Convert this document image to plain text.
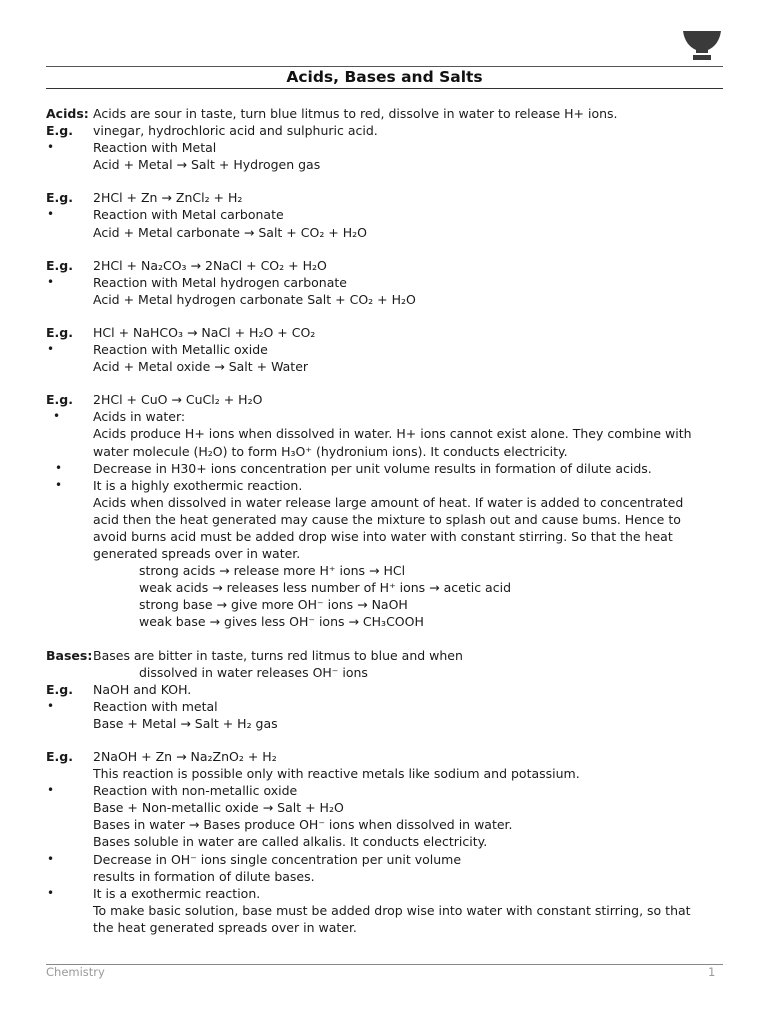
Acids, Bases and Salts
Acids: Acids are sour in taste, turn blue litmus to red, dissolve in water to release H+ ions.
E.g.	vinegar, hydrochloric acid and sulphuric acid.
•	Reaction with Metal
Acid + Metal → Salt + Hydrogen gas
E.g.	2HCl + Zn → ZnCl₂ + H₂
•	Reaction with Metal carbonate
Acid + Metal carbonate → Salt + CO₂ + H₂O
E.g.	2HCl + Na₂CO₃ → 2NaCl + CO₂ + H₂O
•	Reaction with Metal hydrogen carbonate
Acid + Metal hydrogen carbonate Salt + CO₂ + H₂O
E.g.	HCl + NaHCO₃ → NaCl + H₂O + CO₂
•	Reaction with Metallic oxide
Acid + Metal oxide → Salt + Water
E.g.	2HCl + CuO → CuCl₂ + H₂O
•	Acids in water:
Acids produce H+ ions when dissolved in water. H+ ions cannot exist alone. They combine with
water molecule (H₂O) to form H₃O⁺ (hydronium ions). It conducts electricity.
•	Decrease in H30+ ions concentration per unit volume results in formation of dilute acids.
•	It is a highly exothermic reaction.
Acids when dissolved in water release large amount of heat. If water is added to concentrated
acid then the heat generated may cause the mixture to splash out and cause bums. Hence to
avoid burns acid must be added drop wise into water with constant stirring. So that the heat
generated spreads over in water.
strong acids → release more H⁺ ions → HCl
weak acids → releases less number of H⁺ ions → acetic acid
strong base → give more OH⁻ ions → NaOH
weak base → gives less OH⁻ ions → CH₃COOH
Bases: Bases are bitter in taste, turns red litmus to blue and when
dissolved in water releases OH⁻ ions
E.g.	NaOH and KOH.
•	Reaction with metal
Base + Metal → Salt + H₂ gas
E.g.	2NaOH + Zn → Na₂ZnO₂ + H₂
This reaction is possible only with reactive metals like sodium and potassium.
•	Reaction with non-metallic oxide
Base + Non-metallic oxide → Salt + H₂O
Bases in water → Bases produce OH⁻ ions when dissolved in water.
Bases soluble in water are called alkalis. It conducts electricity.
•	Decrease in OH⁻ ions single concentration per unit volume
results in formation of dilute bases.
•	It is a exothermic reaction.
To make basic solution, base must be added drop wise into water with constant stirring, so that
the heat generated spreads over in water.
Chemistry	1
